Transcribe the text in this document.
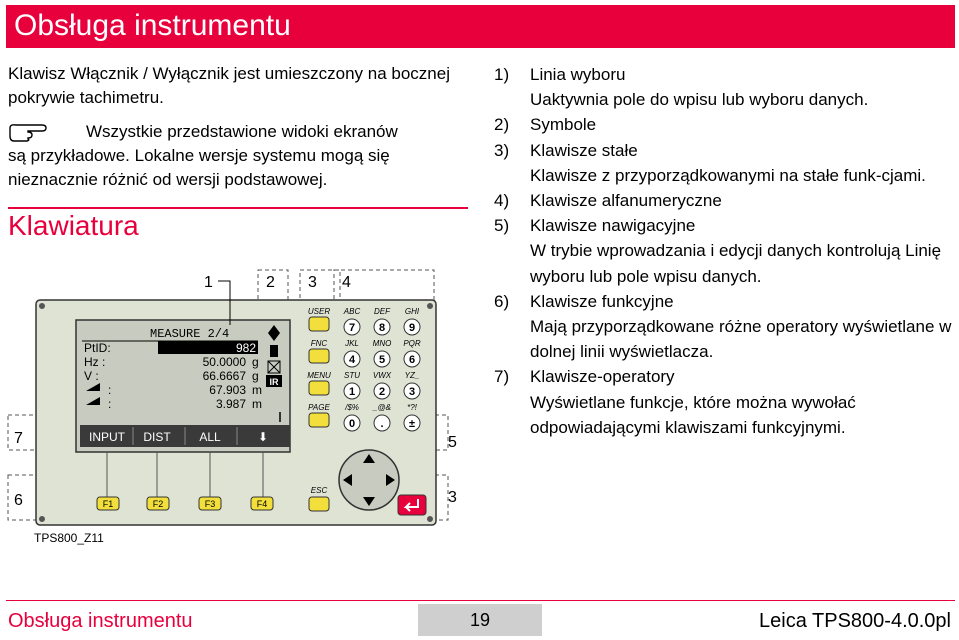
Obsługa instrumentu
Klawisz Włącznik / Wyłącznik jest umieszczony na bocznej pokrywie tachimetru.
Wszystkie przedstawione widoki ekranów
są przykładowe. Lokalne wersje systemu mogą się nieznacznie różnić od wersji podstawowej.
Klawiatura
MEASURE 2/4
PtID:	982
Hz :	50.0000 g
V :	66.6667 g
:	67.903 m
:	3.987 m
IR
INPUT DIST ALL	⬇
USER
FNC
MENU
PAGE
ESC
ABC
7
DEF
8
GHI
9
JKL
4
MNO
5
PQR
6
STU
1
VWX
2
YZ_
3
/$%
0
_@&
.
*?!
±
F1	F2	F3	F4
1	2 3 4
5
6
7
3
TPS800_Z11
1) Linia wyboru
Uaktywnia pole do wpisu lub wyboru danych.
2) Symbole
3) Klawisze stałe
Klawisze z przyporządkowanymi na stałe funk-cjami.
4) Klawisze alfanumeryczne
5) Klawisze nawigacyjne
W trybie wprowadzania i edycji danych kontrolują Linię wyboru lub pole wpisu danych.
6) Klawisze funkcyjne
Mają przyporządkowane różne operatory wyświetlane w dolnej linii wyświetlacza.
7) Klawisze-operatory
Wyświetlane funkcje, które można wywołać odpowiadającymi klawiszami funkcyjnymi.
Obsługa instrumentu	19	Leica TPS800-4.0.0pl
